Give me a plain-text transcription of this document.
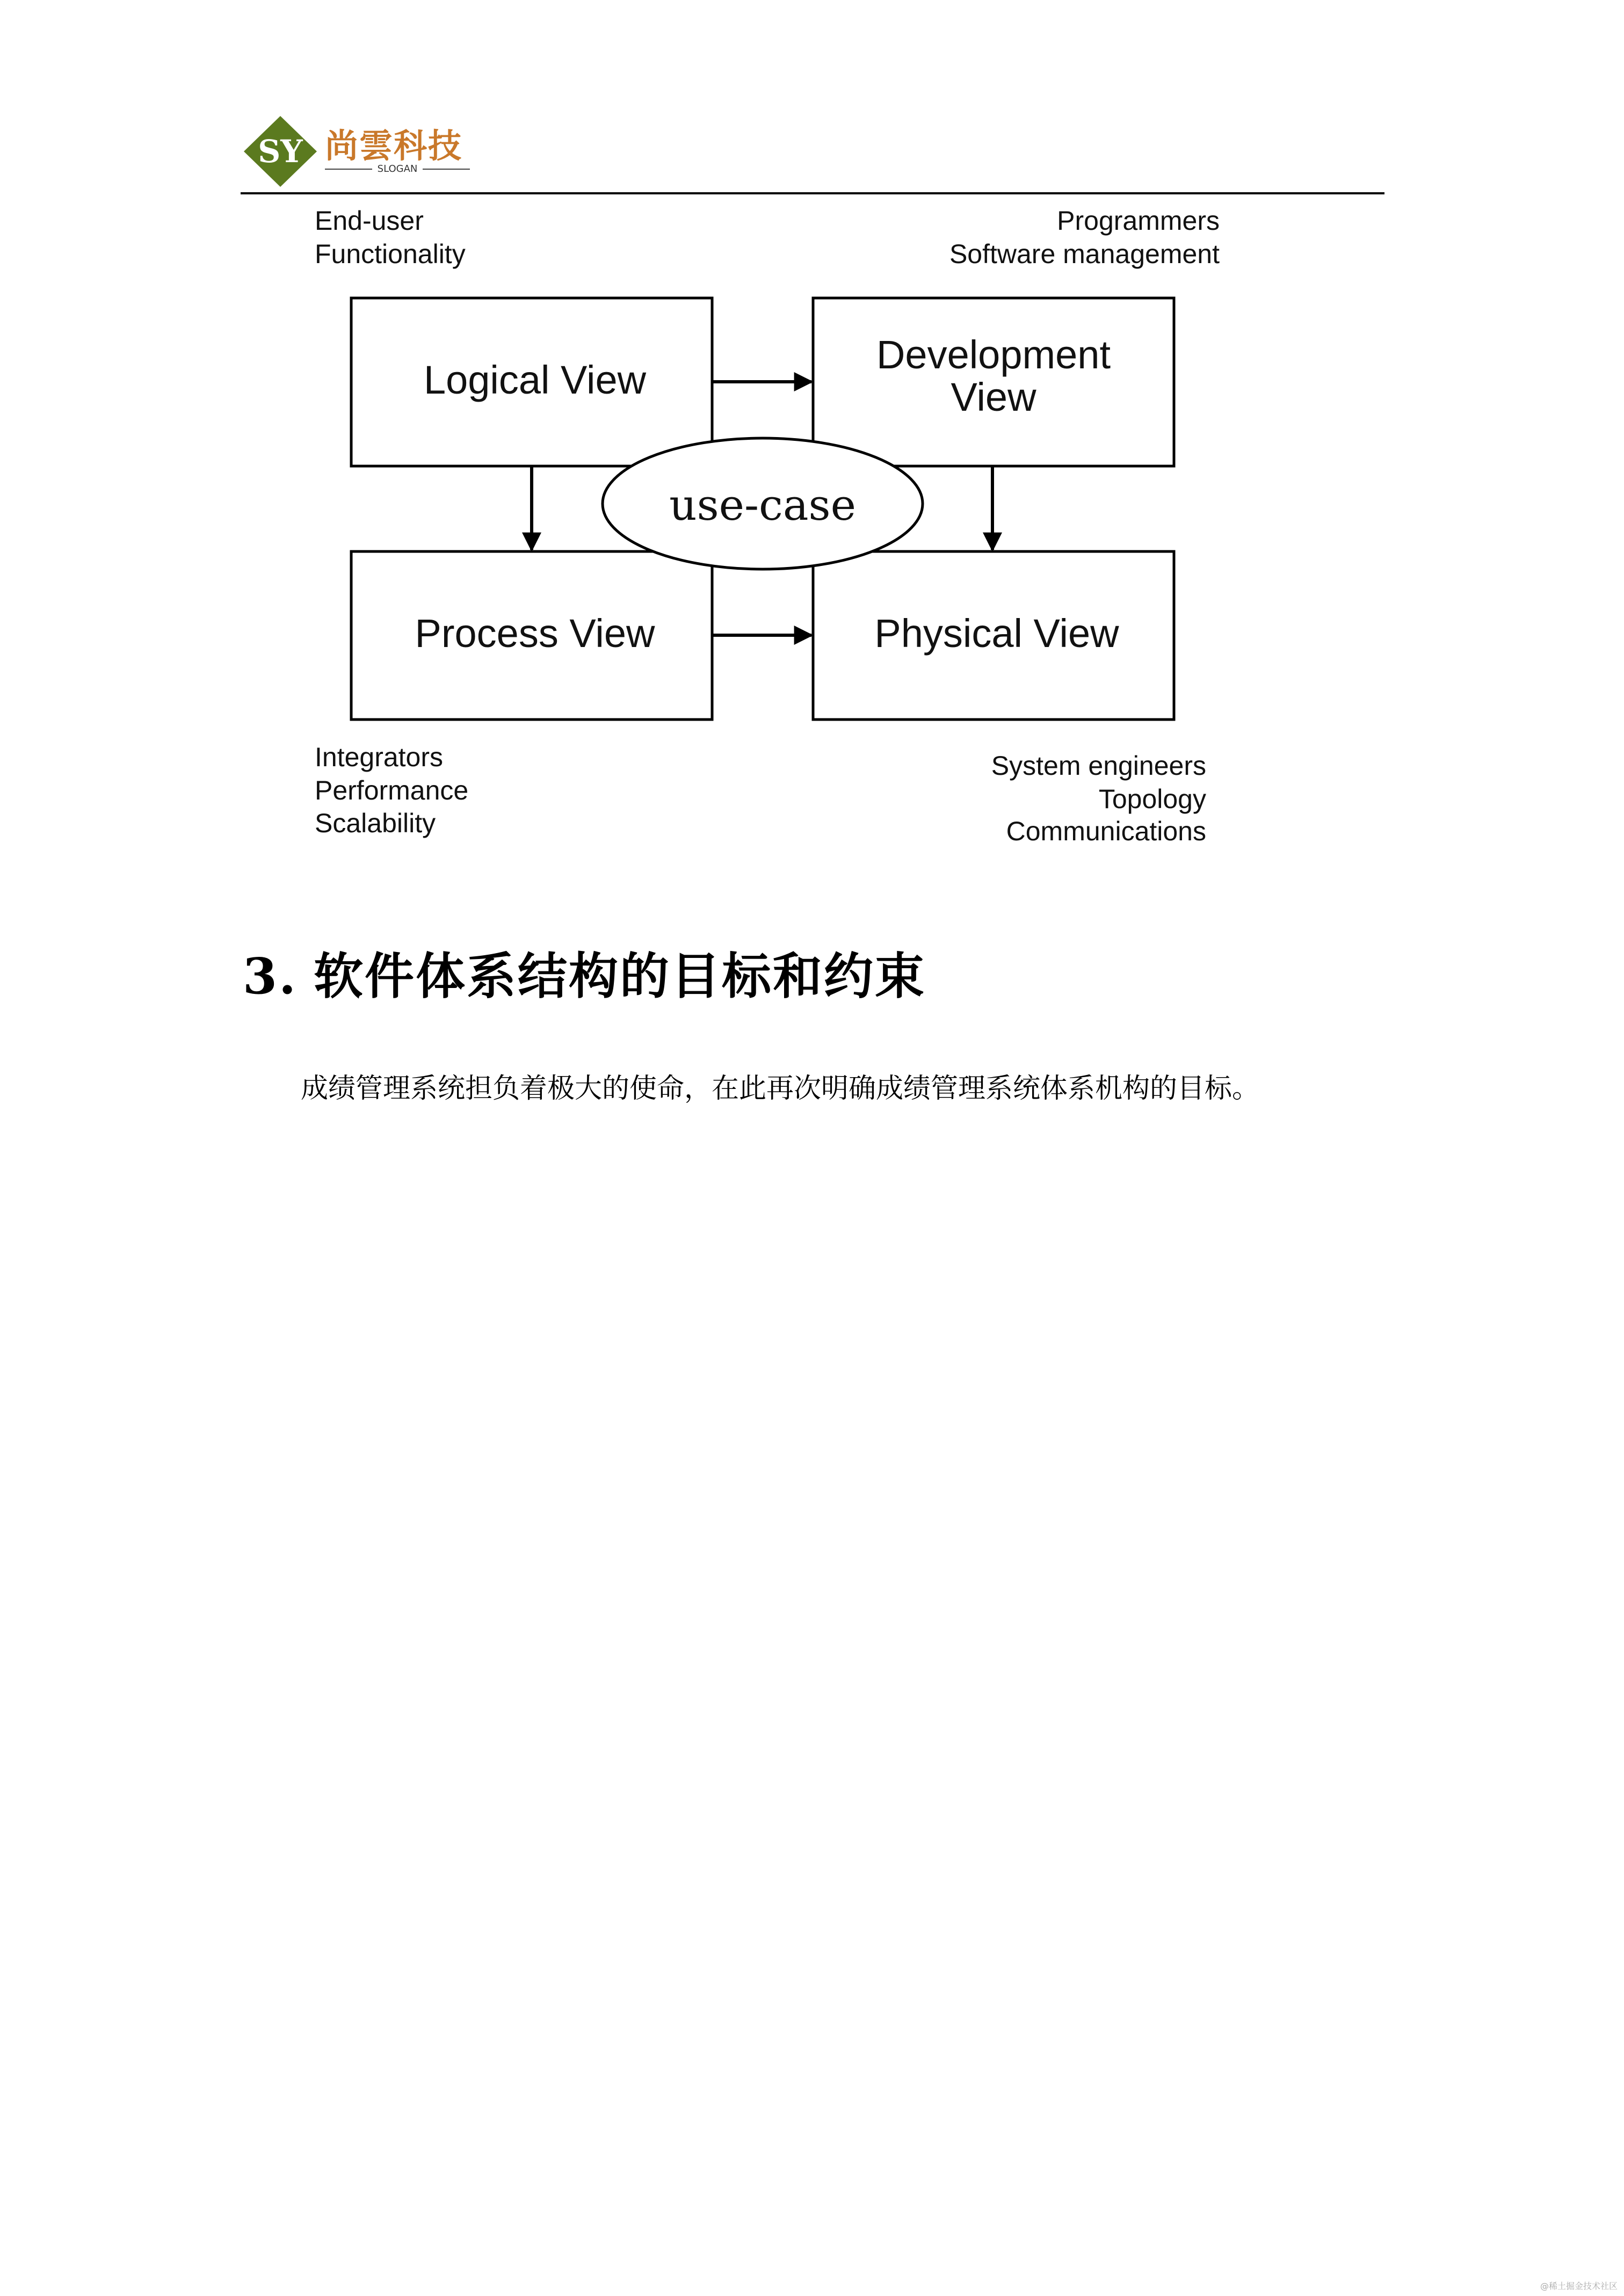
SY 尚雲科技
SLOGAN
End-user
Functionality
Programmers
Software management
Integrators
Performance
Scalability
System engineers
Topology
Communications
Logical View
Development
View
Process View	Physical View
use-case
3. 软件体系结构的目标和约束

成绩管理系统担负着极大的使命，在此再次明确成绩管理系统体系机构的目标。

@稀土掘金技术社区
